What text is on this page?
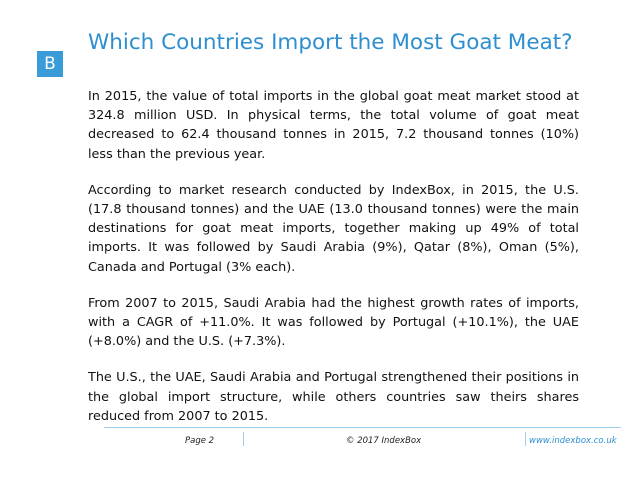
Which Countries Import the Most Goat Meat?
B

In 2015, the value of total imports in the global goat meat market stood at 324.8 million USD. In physical terms, the total volume of goat meat decreased to 62.4 thousand tonnes in 2015, 7.2 thousand tonnes (10%) less than the previous year.

According to market research conducted by IndexBox, in 2015, the U.S. (17.8 thousand tonnes) and the UAE (13.0 thousand tonnes) were the main destinations for goat meat imports, together making up 49% of total imports. It was followed by Saudi Arabia (9%), Qatar (8%), Oman (5%), Canada and Portugal (3% each).

From 2007 to 2015, Saudi Arabia had the highest growth rates of imports, with a CAGR of +11.0%. It was followed by Portugal (+10.1%), the UAE (+8.0%) and the U.S. (+7.3%).

The U.S., the UAE, Saudi Arabia and Portugal strengthened their positions in the global import structure, while others countries saw theirs shares reduced from 2007 to 2015.

Page 2	© 2017 IndexBox	www.indexbox.co.uk
